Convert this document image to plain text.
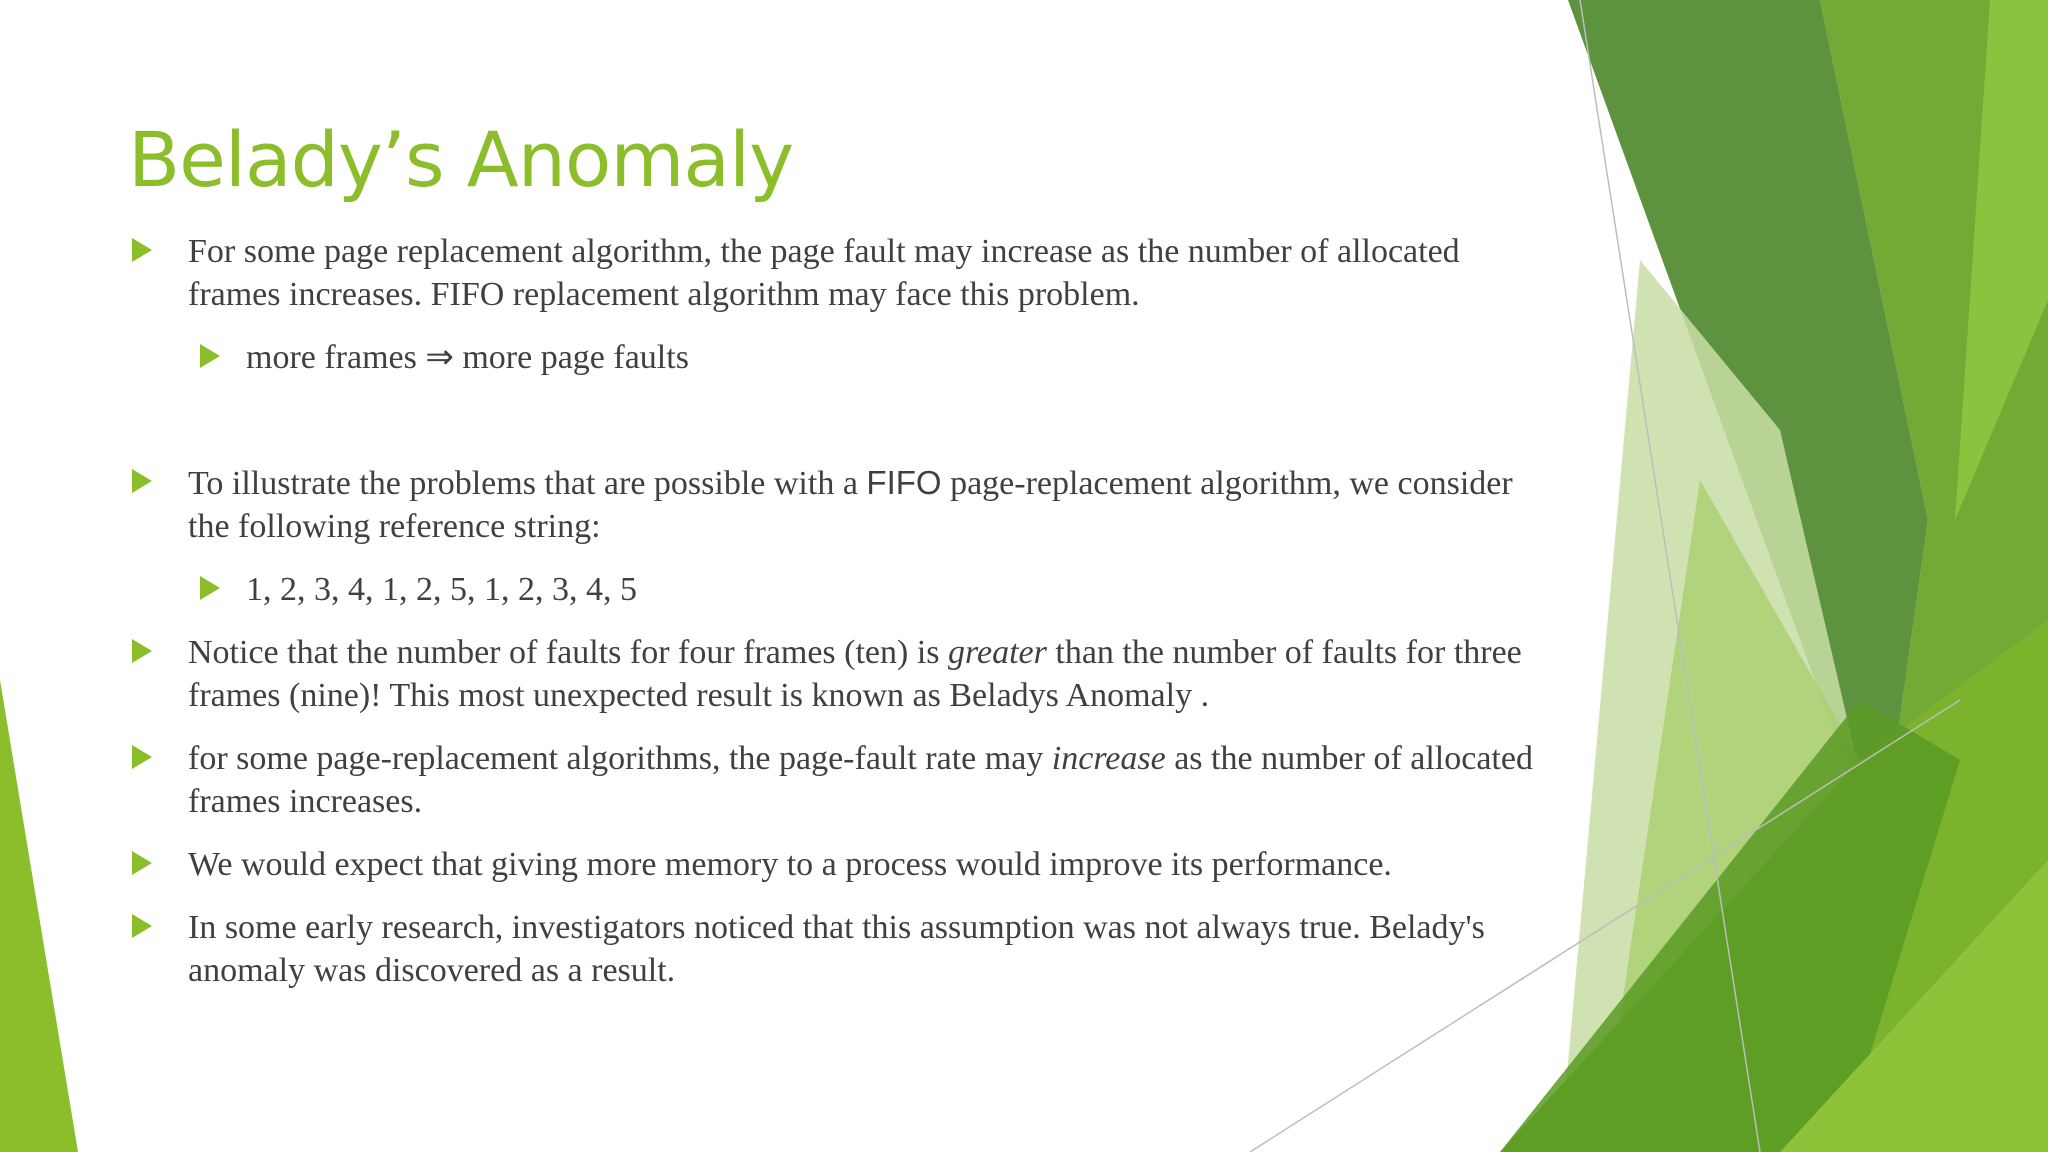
Belady’s Anomaly
For some page replacement algorithm, the page fault may increase as the number of allocated frames increases. FIFO replacement algorithm may face this problem.
more frames ⇒ more page faults
To illustrate the problems that are possible with a FIFO page-replacement algorithm, we consider the following reference string:
1, 2, 3, 4, 1, 2, 5, 1, 2, 3, 4, 5
Notice that the number of faults for four frames (ten) is greater than the number of faults for three frames (nine)! This most unexpected result is known as Beladys Anomaly .
for some page-replacement algorithms, the page-fault rate may increase as the number of allocated frames increases.
We would expect that giving more memory to a process would improve its performance.
In some early research, investigators noticed that this assumption was not always true. Belady's anomaly was discovered as a result.
